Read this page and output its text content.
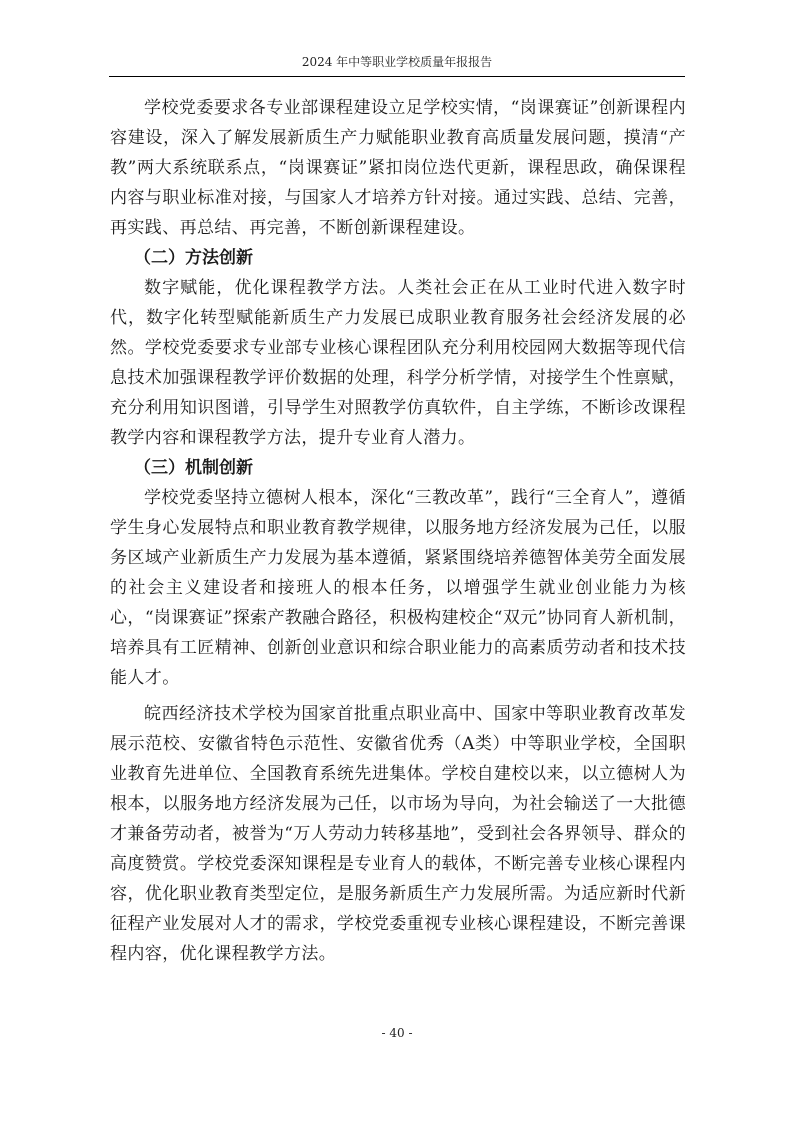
2024 年中等职业学校质量年报报告

学校党委要求各专业部课程建设立足学校实情，“岗课赛证”创新课程内容建设，深入了解发展新质生产力赋能职业教育高质量发展问题，摸清“产教”两大系统联系点，“岗课赛证”紧扣岗位迭代更新，课程思政，确保课程内容与职业标准对接，与国家人才培养方针对接。通过实践、总结、完善，再实践、再总结、再完善，不断创新课程建设。

（二）方法创新

数字赋能，优化课程教学方法。人类社会正在从工业时代进入数字时代，数字化转型赋能新质生产力发展已成职业教育服务社会经济发展的必然。学校党委要求专业部专业核心课程团队充分利用校园网大数据等现代信息技术加强课程教学评价数据的处理，科学分析学情，对接学生个性禀赋，充分利用知识图谱，引导学生对照教学仿真软件，自主学练，不断诊改课程教学内容和课程教学方法，提升专业育人潜力。

（三）机制创新

学校党委坚持立德树人根本，深化“三教改革”，践行“三全育人”，遵循学生身心发展特点和职业教育教学规律，以服务地方经济发展为己任，以服务区域产业新质生产力发展为基本遵循，紧紧围绕培养德智体美劳全面发展的社会主义建设者和接班人的根本任务，以增强学生就业创业能力为核心，“岗课赛证”探索产教融合路径，积极构建校企“双元”协同育人新机制，培养具有工匠精神、创新创业意识和综合职业能力的高素质劳动者和技术技能人才。

皖西经济技术学校为国家首批重点职业高中、国家中等职业教育改革发展示范校、安徽省特色示范性、安徽省优秀（A类）中等职业学校，全国职业教育先进单位、全国教育系统先进集体。学校自建校以来，以立德树人为根本，以服务地方经济发展为己任，以市场为导向，为社会输送了一大批德才兼备劳动者，被誉为“万人劳动力转移基地”，受到社会各界领导、群众的高度赞赏。学校党委深知课程是专业育人的载体，不断完善专业核心课程内容，优化职业教育类型定位，是服务新质生产力发展所需。为适应新时代新征程产业发展对人才的需求，学校党委重视专业核心课程建设，不断完善课程内容，优化课程教学方法。

- 40 -
